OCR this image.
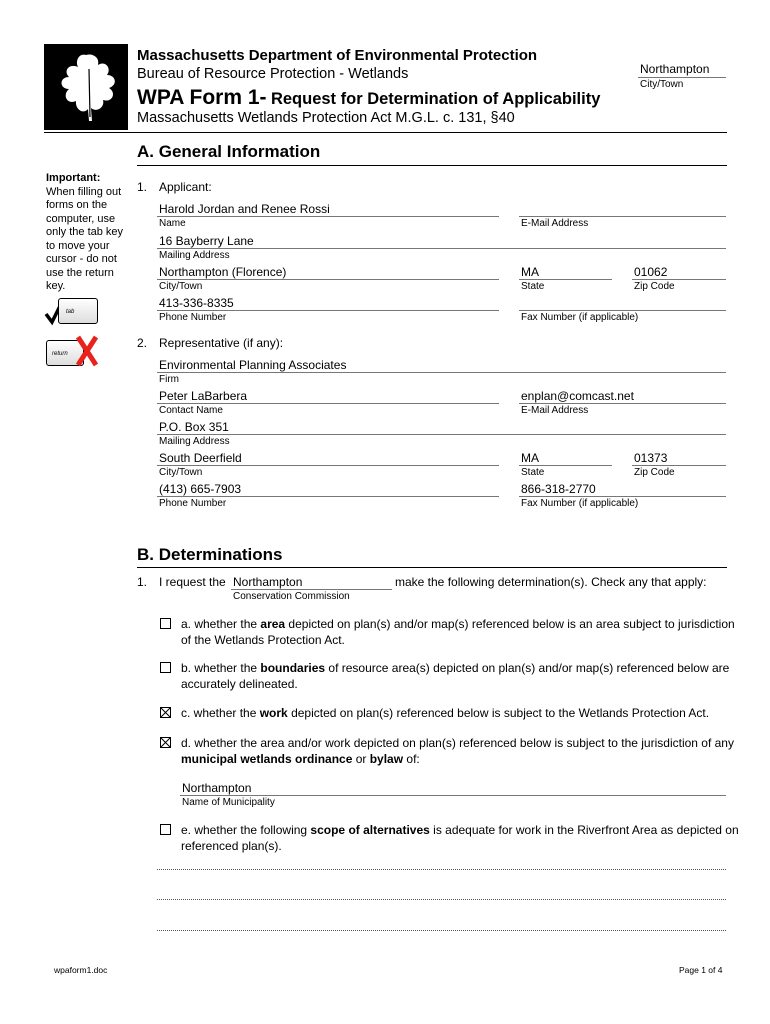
Massachusetts Department of Environmental Protection
Bureau of Resource Protection - Wetlands
WPA Form 1- Request for Determination of Applicability
Massachusetts Wetlands Protection Act M.G.L. c. 131, §40
Northampton
City/Town
Important:
When filling out forms on the computer, use only the tab key to move your cursor - do not use the return key.
tab
return
A. General Information
1. Applicant:
Harold Jordan and Renee Rossi
Name	E-Mail Address
16 Bayberry Lane
Mailing Address
Northampton (Florence)
City/Town
MA
State
01062
Zip Code
413-336-8335
Phone Number	Fax Number (if applicable)
2. Representative (if any):
Environmental Planning Associates
Firm
Peter LaBarbera
Contact Name
enplan@comcast.net
E-Mail Address
P.O. Box 351
Mailing Address
South Deerfield
City/Town
MA
State
01373
Zip Code
(413) 665-7903
Phone Number
866-318-2770
Fax Number (if applicable)
B. Determinations
1. I request the Northampton	make the following determination(s). Check any that apply:
Conservation Commission
a. whether the area depicted on plan(s) and/or map(s) referenced below is an area subject to jurisdiction of the Wetlands Protection Act.
b. whether the boundaries of resource area(s) depicted on plan(s) and/or map(s) referenced below are accurately delineated.
c. whether the work depicted on plan(s) referenced below is subject to the Wetlands Protection Act.
d. whether the area and/or work depicted on plan(s) referenced below is subject to the jurisdiction of any municipal wetlands ordinance or bylaw of:
Northampton
Name of Municipality
e. whether the following scope of alternatives is adequate for work in the Riverfront Area as depicted on referenced plan(s).
wpaform1.doc	Page 1 of 4
